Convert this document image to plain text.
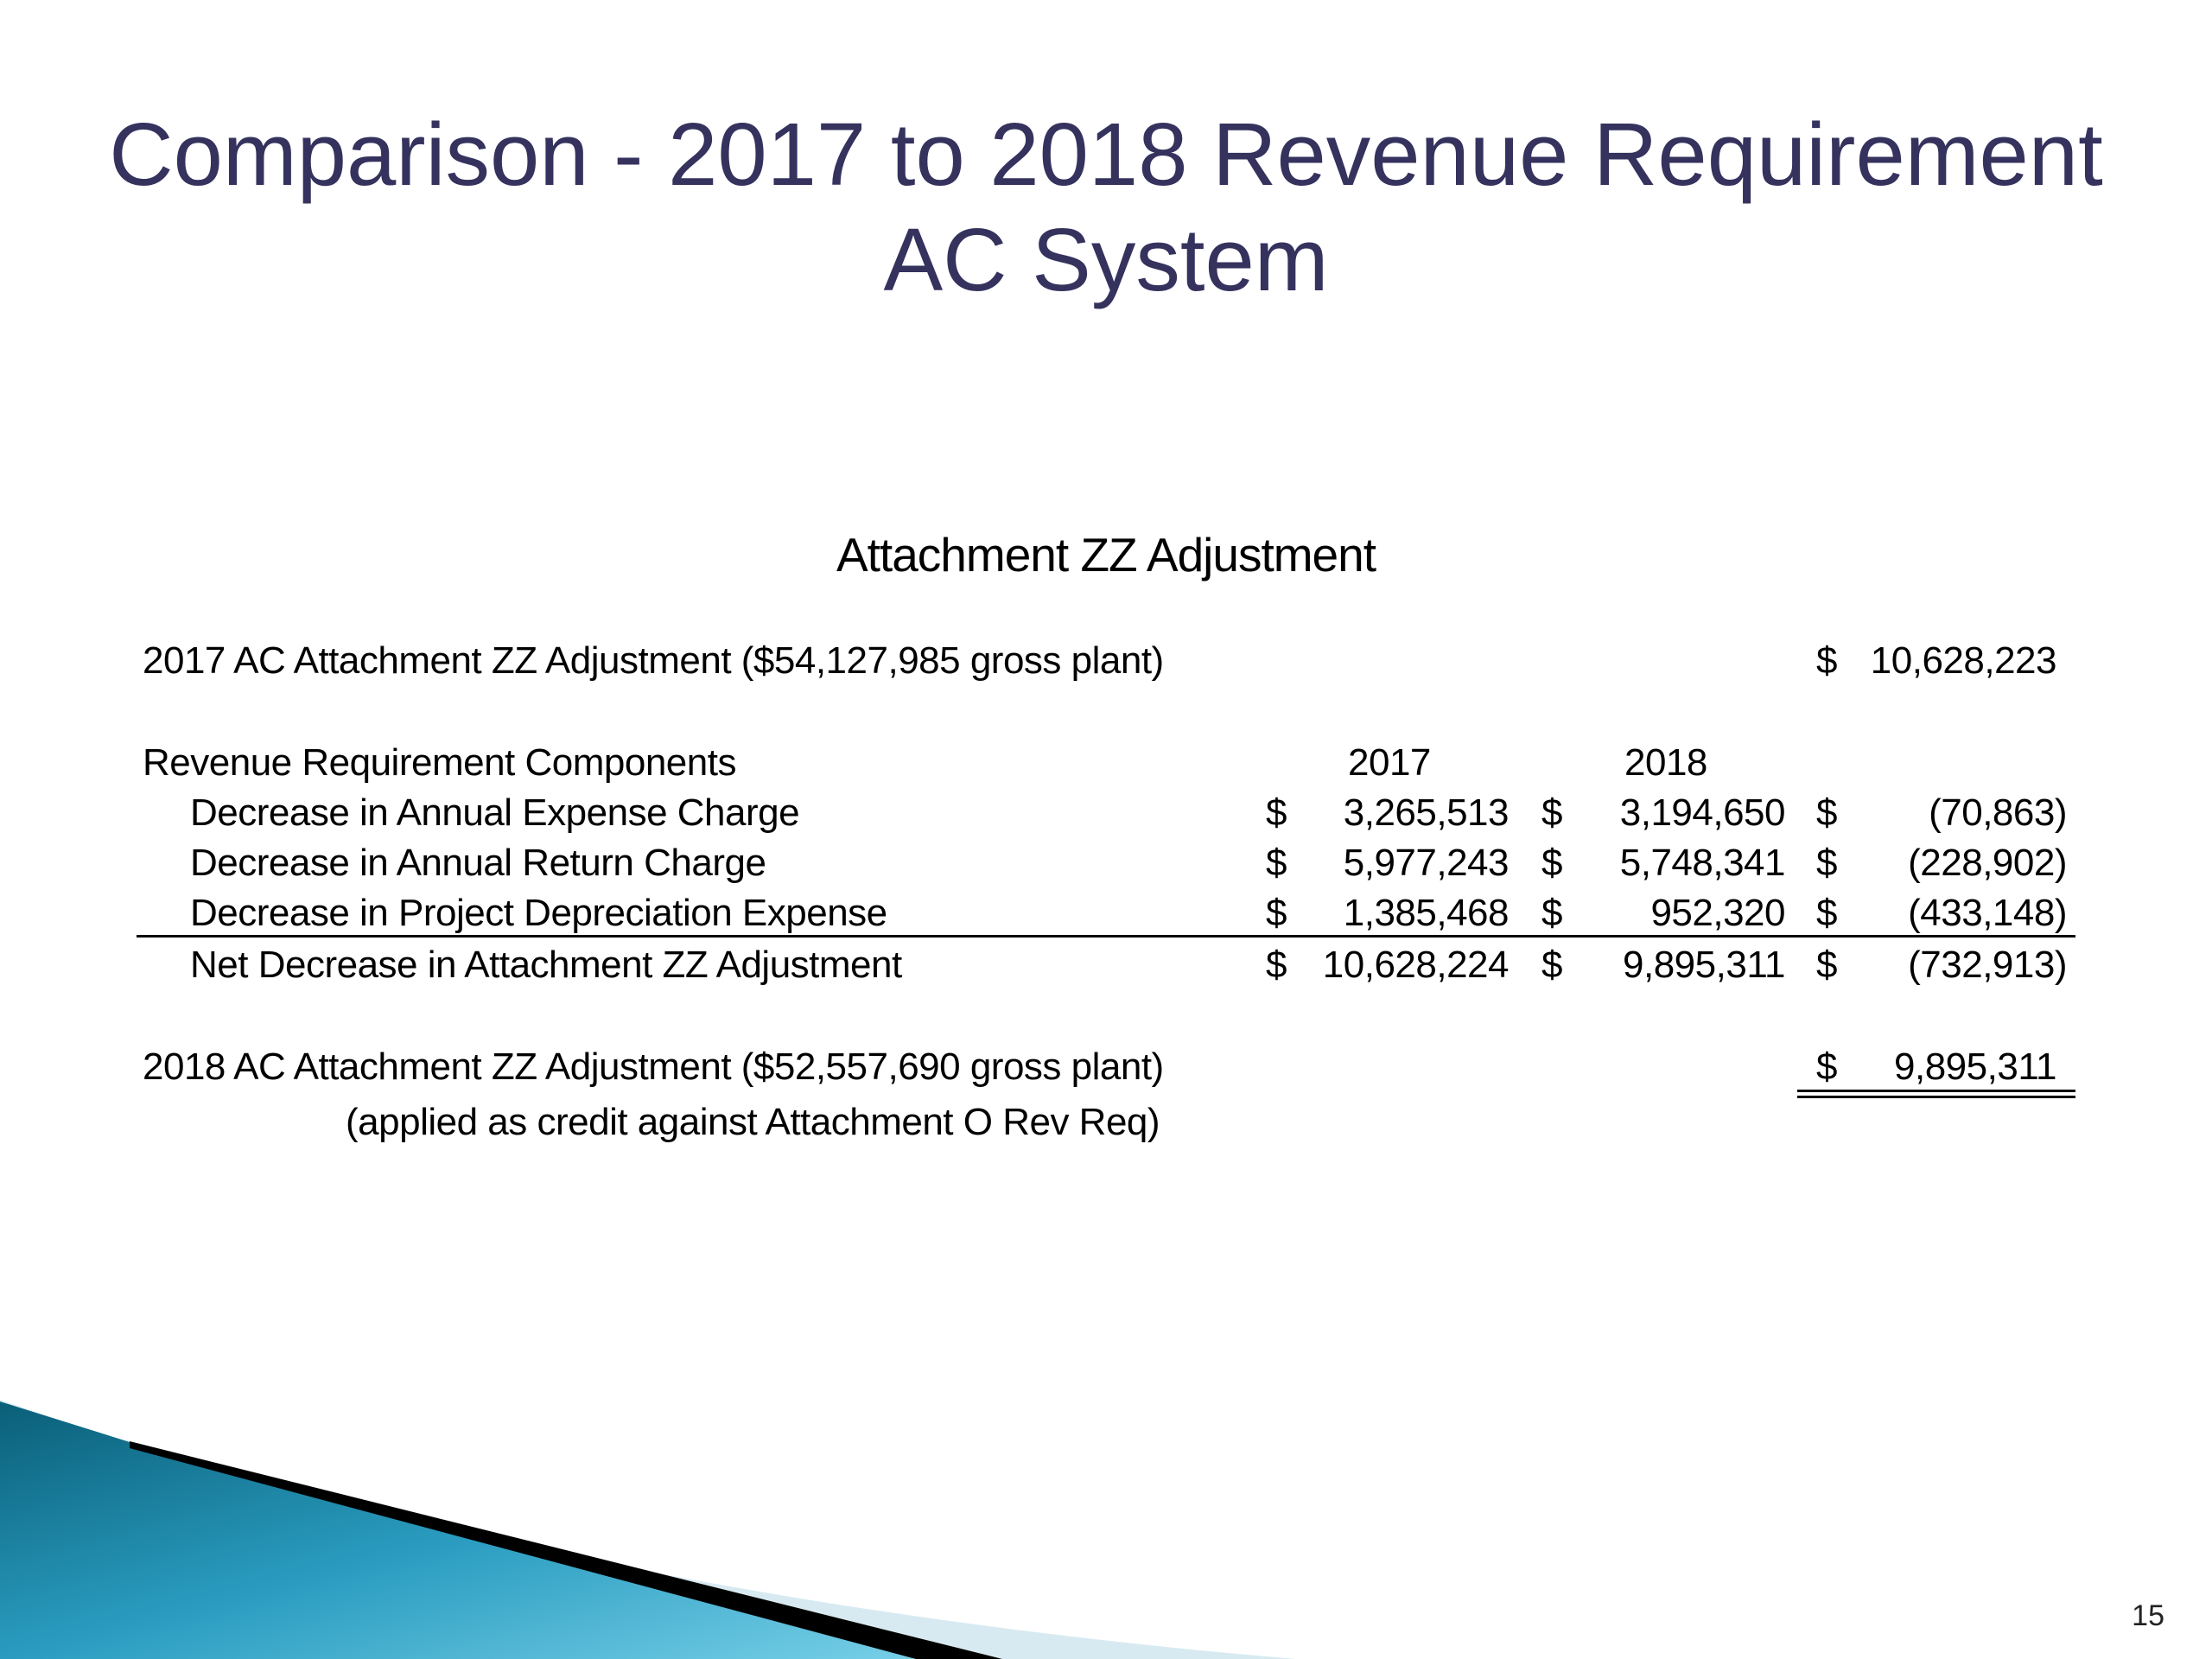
Comparison - 2017 to 2018 Revenue Requirement
AC System
Attachment ZZ Adjustment
2017 AC Attachment ZZ Adjustment ($54,127,985 gross plant)	$ 10,628,223
Revenue Requirement Components	2017	2018
Decrease in Annual Expense Charge	$	3,265,513 $	3,194,650 $	(70,863)
Decrease in Annual Return Charge	$	5,977,243 $	5,748,341 $	(228,902)
Decrease in Project Depreciation Expense	$	1,385,468 $	952,320 $	(433,148)
Net Decrease in Attachment ZZ Adjustment	$ 10,628,224 $	9,895,311 $	(732,913)
2018 AC Attachment ZZ Adjustment ($52,557,690 gross plant)	$	9,895,311
(applied as credit against Attachment O Rev Req)
15
